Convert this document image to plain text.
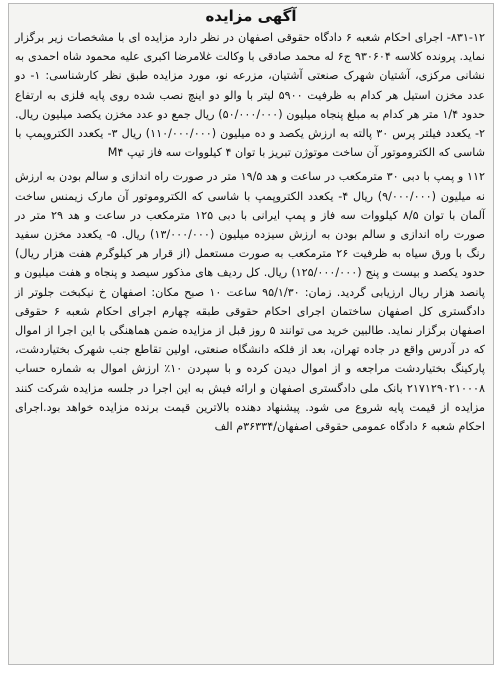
آگهی مزایده

۸۳۱-۱۲- اجرای احکام شعبه ۶ دادگاه حقوقی اصفهان در نظر دارد مزایده ای با مشخصات زیر برگزار نماید. پرونده کلاسه ۹۳۰۶۰۴ ج۶ له محمد صادقی با وکالت غلامرضا اکبری علیه محمود شاه احمدی به نشانی مرکزی، آشتیان شهرک صنعتی آشتیان، مزرعه نو، مورد مزایده طبق نظر کارشناسی: ۱- دو عدد مخزن استیل هر کدام به ظرفیت ۵۹۰۰ لیتر با والو دو اینچ نصب شده روی پایه فلزی به ارتفاع حدود ۱/۴ متر هر کدام به مبلغ پنجاه میلیون (۵۰/۰۰۰/۰۰۰) ریال جمع دو عدد مخزن یکصد میلیون ریال. ۲- یکعدد فیلتر پرس ۳۰ پالته به ارزش یکصد و ده میلیون (۱۱۰/۰۰۰/۰۰۰) ریال ۳- یکعدد الکتروپمپ با شاسی که الکتروموتور آن ساخت موتوژن تبریز با توان ۴ کیلووات سه فاز تیپ M۴

۱۱۲ و پمپ با دبی ۳۰ مترمکعب در ساعت و هد ۱۹/۵ متر در صورت راه اندازی و سالم بودن به ارزش نه میلیون (۹/۰۰۰/۰۰۰) ریال ۴- یکعدد الکتروپمپ با شاسی که الکتروموتور آن مارک زیمنس ساخت آلمان با توان ۸/۵ کیلووات سه فاز و پمپ ایرانی با دبی ۱۲۵ مترمکعب در ساعت و هد ۲۹ متر در صورت راه اندازی و سالم بودن به ارزش سیزده میلیون (۱۳/۰۰۰/۰۰۰) ریال. ۵- یکعدد مخزن سفید رنگ با ورق سیاه به ظرفیت ۲۶ مترمکعب به صورت مستعمل (از قرار هر کیلوگرم هفت هزار ریال) حدود یکصد و بیست و پنج (۱۲۵/۰۰۰/۰۰۰) ریال. کل ردیف های مذکور سیصد و پنجاه و هفت میلیون و پانصد هزار ریال ارزیابی گردید. زمان: ۹۵/۱/۳۰ ساعت ۱۰ صبح مکان: اصفهان خ نیکبخت جلوتر از دادگستری کل اصفهان ساختمان اجرای احکام حقوقی طبقه چهارم اجرای احکام شعبه ۶ حقوقی اصفهان برگزار نماید. طالبین خرید می توانند ۵ روز قبل از مزایده ضمن هماهنگی با این اجرا از اموال که در آدرس واقع در جاده تهران، بعد از فلکه دانشگاه صنعتی، اولین تقاطع جنب شهرک بختیاردشت، پارکینگ بختیاردشت مراجعه و از اموال دیدن کرده و با سپردن ۱۰٪ ارزش اموال به شماره حساب ۲۱۷۱۲۹۰۲۱۰۰۰۸ بانک ملی دادگستری اصفهان و ارائه فیش به این اجرا در جلسه مزایده شرکت کنند مزایده از قیمت پایه شروع می شود. پیشنهاد دهنده بالاترین قیمت برنده مزایده خواهد بود.اجرای احکام شعبه ۶ دادگاه عمومی حقوقی اصفهان/۳۶۳۳۴م الف
